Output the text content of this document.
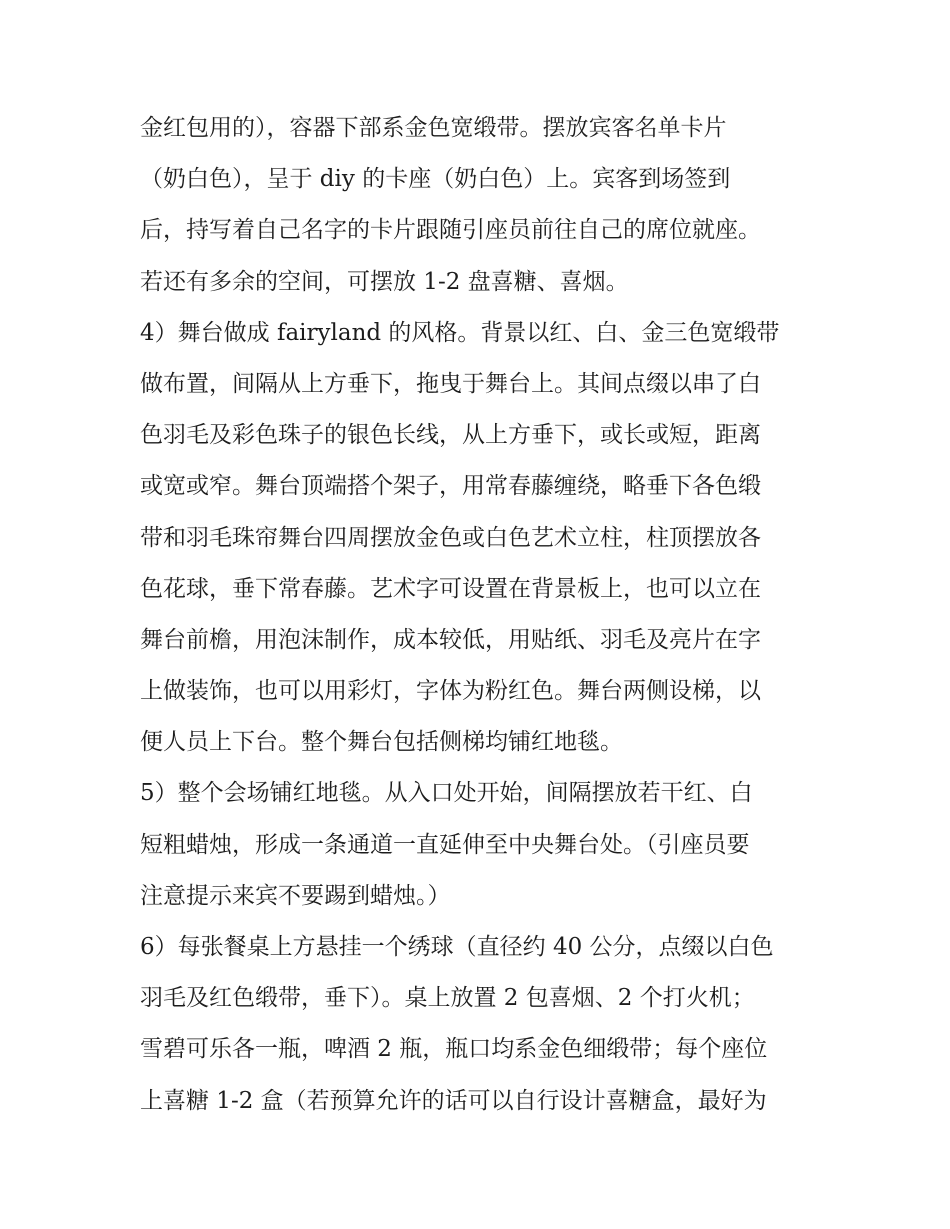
金红包用的），容器下部系金色宽缎带。摆放宾客名单卡片
（奶白色），呈于 diy 的卡座（奶白色）上。宾客到场签到
后，持写着自己名字的卡片跟随引座员前往自己的席位就座。
若还有多余的空间，可摆放 1-2 盘喜糖、喜烟。
4）舞台做成 fairyland 的风格。背景以红、白、金三色宽缎带
做布置，间隔从上方垂下，拖曳于舞台上。其间点缀以串了白
色羽毛及彩色珠子的银色长线，从上方垂下，或长或短，距离
或宽或窄。舞台顶端搭个架子，用常春藤缠绕，略垂下各色缎
带和羽毛珠帘舞台四周摆放金色或白色艺术立柱，柱顶摆放各
色花球，垂下常春藤。艺术字可设置在背景板上，也可以立在
舞台前檐，用泡沫制作，成本较低，用贴纸、羽毛及亮片在字
上做装饰，也可以用彩灯，字体为粉红色。舞台两侧设梯，以
便人员上下台。整个舞台包括侧梯均铺红地毯。
5）整个会场铺红地毯。从入口处开始，间隔摆放若干红、白
短粗蜡烛，形成一条通道一直延伸至中央舞台处。（引座员要
注意提示来宾不要踢到蜡烛。）
6）每张餐桌上方悬挂一个绣球（直径约 40 公分，点缀以白色
羽毛及红色缎带，垂下）。桌上放置 2 包喜烟、2 个打火机；
雪碧可乐各一瓶，啤酒 2 瓶，瓶口均系金色细缎带；每个座位
上喜糖 1-2 盒（若预算允许的话可以自行设计喜糖盒，最好为
